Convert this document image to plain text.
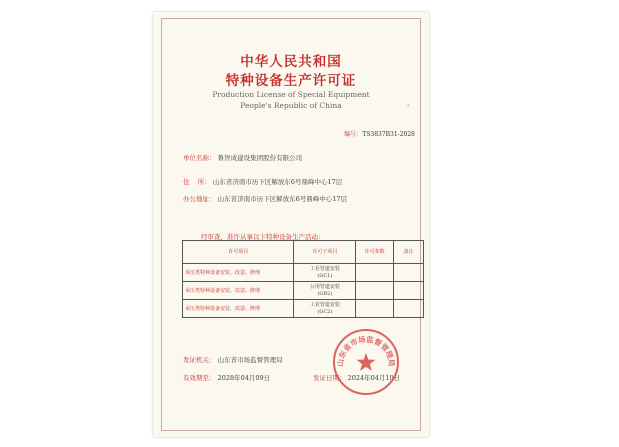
中华人民共和国
特种设备生产许可证
Production License of Special Equipment
People's Republic of China	+
编号：TS3837B31-2028
单位名称： 鲁智成建设集团股份有限公司
住    所： 山东省济南市历下区解放东6号鼎峰中心17层
办公地址： 山东省济南市历下区解放东6号鼎峰中心17层
经审查，准许从事以下特种设备生产活动：
许可项目	许可子项目	许可参数	备注
承压类特种设备安装、改造、修理	工业管道安装
(GC1)		
承压类特种设备安装、改造、修理	公用管道安装
(GB2)		
承压类特种设备安装、改造、修理	工业管道安装
(GC2)		
发证机关： 山东省市场监督管理局
有效期至： 2028年04月09日	发证日期： 2024年04月10日
山东省市场监督管理局
